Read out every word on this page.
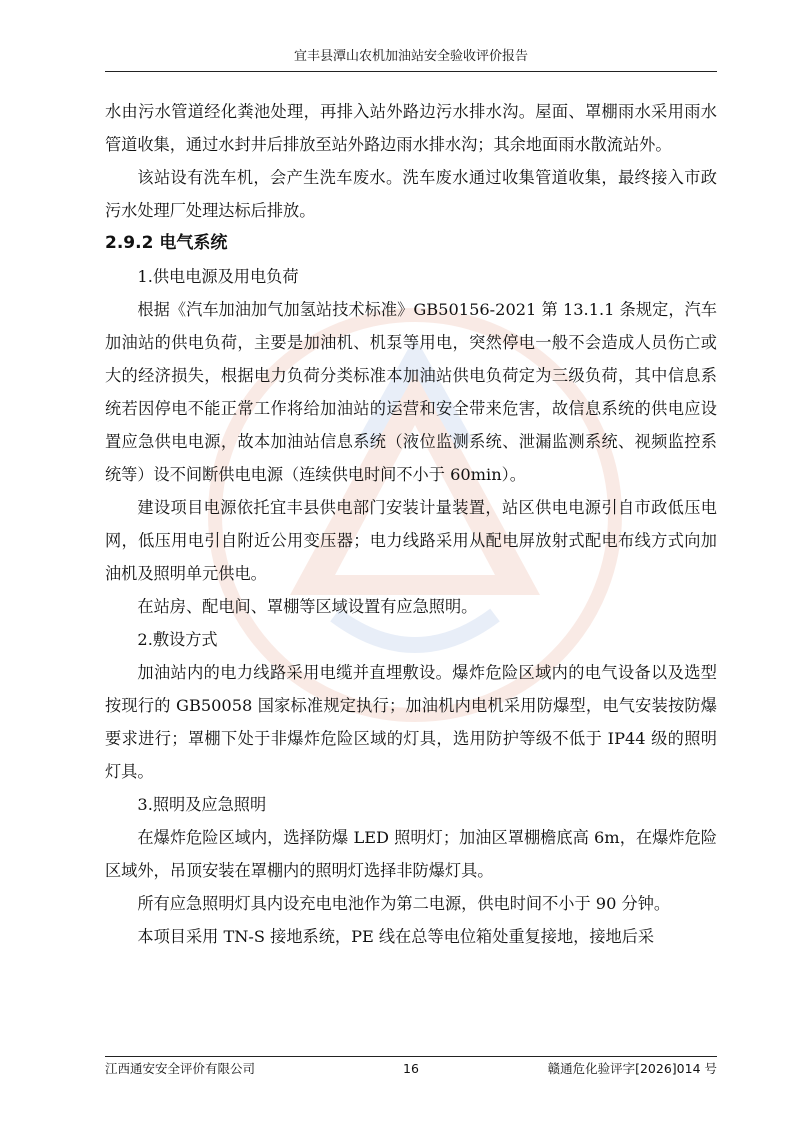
宜丰县潭山农机加油站安全验收评价报告

水由污水管道经化粪池处理，再排入站外路边污水排水沟。屋面、罩棚雨水采用雨水管道收集，通过水封井后排放至站外路边雨水排水沟；其余地面雨水散流站外。

该站设有洗车机，会产生洗车废水。洗车废水通过收集管道收集，最终接入市政污水处理厂处理达标后排放。

2.9.2 电气系统

1.供电电源及用电负荷

根据《汽车加油加气加氢站技术标准》GB50156-2021 第 13.1.1 条规定，汽车加油站的供电负荷，主要是加油机、机泵等用电，突然停电一般不会造成人员伤亡或大的经济损失，根据电力负荷分类标准本加油站供电负荷定为三级负荷，其中信息系统若因停电不能正常工作将给加油站的运营和安全带来危害，故信息系统的供电应设置应急供电电源，故本加油站信息系统（液位监测系统、泄漏监测系统、视频监控系统等）设不间断供电电源（连续供电时间不小于 60min）。

建设项目电源依托宜丰县供电部门安装计量装置，站区供电电源引自市政低压电网，低压用电引自附近公用变压器；电力线路采用从配电屏放射式配电布线方式向加油机及照明单元供电。

在站房、配电间、罩棚等区域设置有应急照明。

2.敷设方式

加油站内的电力线路采用电缆并直埋敷设。爆炸危险区域内的电气设备以及选型按现行的 GB50058 国家标准规定执行；加油机内电机采用防爆型，电气安装按防爆要求进行；罩棚下处于非爆炸危险区域的灯具，选用防护等级不低于 IP44 级的照明灯具。

3.照明及应急照明

在爆炸危险区域内，选择防爆 LED 照明灯；加油区罩棚檐底高 6m，在爆炸危险区域外，吊顶安装在罩棚内的照明灯选择非防爆灯具。

所有应急照明灯具内设充电电池作为第二电源，供电时间不小于 90 分钟。

本项目采用 TN-S 接地系统，PE 线在总等电位箱处重复接地，接地后采

江西通安安全评价有限公司	16	赣通危化验评字[2026]014 号
